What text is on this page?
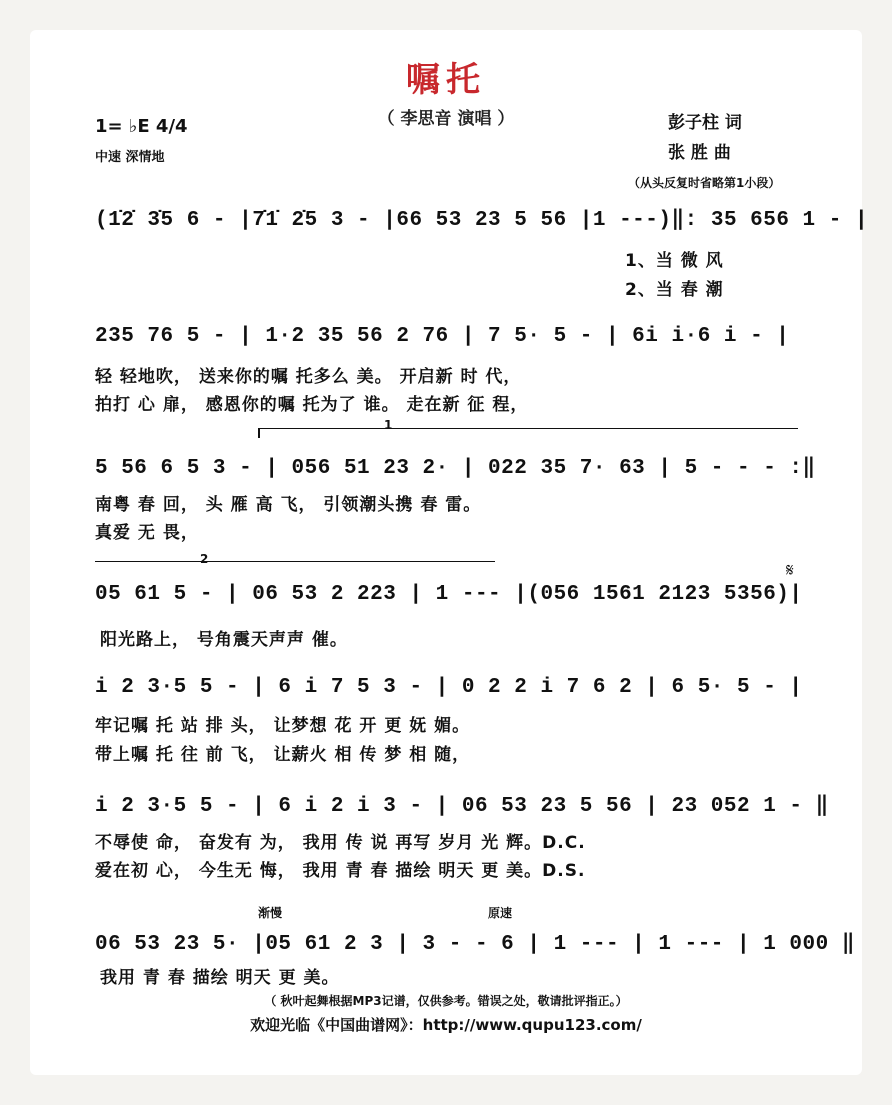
嘱托
（ 李思音 演唱 ）
1= ♭E 4/4
中速 深情地
彭子柱 词
张 胜 曲
（从头反复时省略第1小段）
(1̇2̇ 3̇5 6 - |7̇1̇ 2̇5 3 - |66 53 23 5 56 |1 ---)‖: 35 656 1 - |
1、当 微 风
2、当 春 潮
235 76 5 - | 1·2 35 56 2 76 | 7 5· 5 - | 6i i·6 i - |
轻 轻地吹， 送来你的嘱 托多么 美。 开启新 时 代，
拍打 心 扉， 感恩你的嘱 托为了 谁。 走在新 征 程，
1
5 56 6 5 3 - | 056 51 23 2· | 022 35 7· 63 | 5 - - - :‖
南粤 春 回， 头 雁 高 飞， 引领潮头携 春 雷。
真爱 无 畏，
2
𝄋
05 61 5 - | 06 53 2 223 | 1 --- |(056 1561 2123 5356)|
阳光路上， 号角震天声声 催。
i 2 3·5 5 - | 6 i 7 5 3 - | 0 2 2 i 7 6 2 | 6 5· 5 - |
牢记嘱 托 站 排 头， 让梦想 花 开 更 妩 媚。
带上嘱 托 往 前 飞， 让薪火 相 传 梦 相 随，
i 2 3·5 5 - | 6 i 2 i 3 - | 06 53 23 5 56 | 23 052 1 - ‖
不辱使 命， 奋发有 为， 我用 传 说 再写 岁月 光 辉。D.C.
爱在初 心， 今生无 悔， 我用 青 春 描绘 明天 更 美。D.S.
渐慢	原速
06 53 23 5· |05 61 2 3 | 3 - - 6 | 1 --- | 1 --- | 1 000 ‖
我用 青 春 描绘 明天 更 美。
（ 秋叶起舞根据MP3记谱，仅供参考。错误之处，敬请批评指正。）
欢迎光临《中国曲谱网》：http://www.qupu123.com/
